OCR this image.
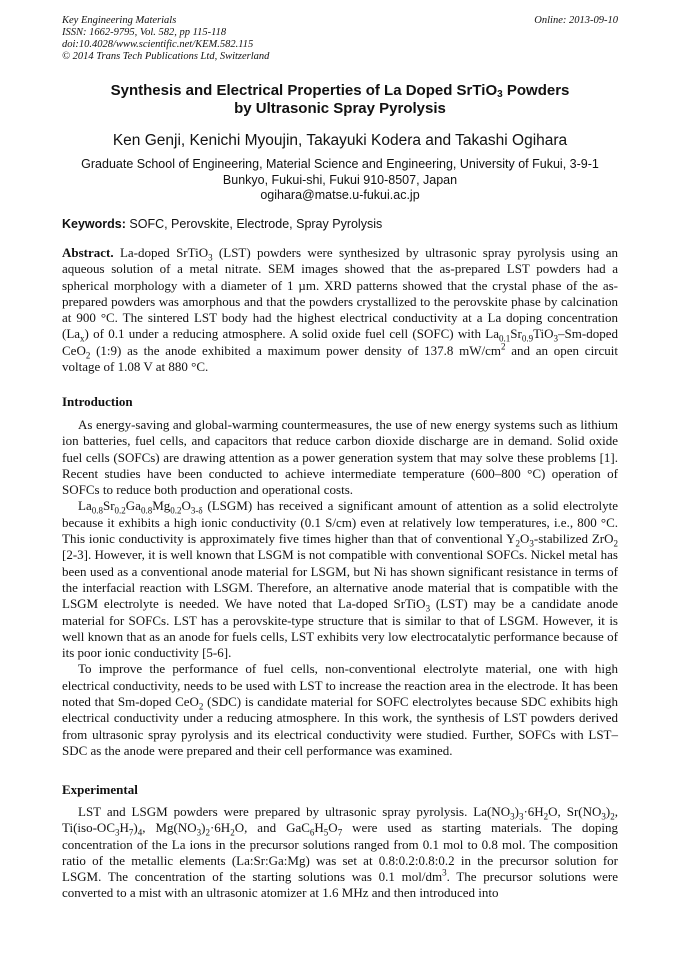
Key Engineering Materials
ISSN: 1662-9795, Vol. 582, pp 115-118
doi:10.4028/www.scientific.net/KEM.582.115
© 2014 Trans Tech Publications Ltd, Switzerland
Online: 2013-09-10
Synthesis and Electrical Properties of La Doped SrTiO$_3$ Powders
by Ultrasonic Spray Pyrolysis
Ken Genji, Kenichi Myoujin, Takayuki Kodera and Takashi Ogihara
Graduate School of Engineering, Material Science and Engineering, University of Fukui, 3-9-1
Bunkyo, Fukui-shi, Fukui 910-8507, Japan
ogihara@matse.u-fukui.ac.jp
Keywords: SOFC, Perovskite, Electrode, Spray Pyrolysis

Abstract. La-doped SrTiO$_3$ (LST) powders were synthesized by ultrasonic spray pyrolysis using an aqueous solution of a metal nitrate. SEM images showed that the as-prepared LST powders had a spherical morphology with a diameter of 1 µm. XRD patterns showed that the crystal phase of the as-prepared powders was amorphous and that the powders crystallized to the perovskite phase by calcination at 900 °C. The sintered LST body had the highest electrical conductivity at a La doping concentration $(La_x)$ of 0.1 under a reducing atmosphere. A solid oxide fuel cell (SOFC) with $La_{0.1}Sr_{0.9}TiO_3-Sm$-doped CeO$_2$ (1:9) as the anode exhibited a maximum power density of 137.8 $mW/cm^2$ and an open circuit voltage of 1.08 V at 880 °C.

Introduction

As energy-saving and global-warming countermeasures, the use of new energy systems such as lithium ion batteries, fuel cells, and capacitors that reduce carbon dioxide discharge are in demand. Solid oxide fuel cells (SOFCs) are drawing attention as a power generation system that may solve these problems [1]. Recent studies have been conducted to achieve intermediate temperature (600–800 °C) operation of SOFCs to reduce both production and operational costs.

$La_{0.8}Sr_{0.2}Ga_{0.8}Mg_{0.2}O_{3-\delta}$ (LSGM) has received a significant amount of attention as a solid electrolyte because it exhibits a high ionic conductivity (0.1 S/cm) even at relatively low temperatures, i.e., 800 °C. This ionic conductivity is approximately five times higher than that of conventional $Y_2O_3$-stabilized ZrO$_2$ [2-3]. However, it is well known that LSGM is not compatible with conventional SOFCs. Nickel metal has been used as a conventional anode material for LSGM, but Ni has shown significant resistance in terms of the interfacial reaction with LSGM. Therefore, an alternative anode material that is compatible with the LSGM electrolyte is needed. We have noted that La-doped SrTiO$_3$ (LST) may be a candidate anode material for SOFCs. LST has a perovskite-type structure that is similar to that of LSGM. However, it is well known that as an anode for fuels cells, LST exhibits very low electrocatalytic performance because of its poor ionic conductivity [5-6].

To improve the performance of fuel cells, non-conventional electrolyte material, one with high electrical conductivity, needs to be used with LST to increase the reaction area in the electrode. It has been noted that Sm-doped CeO$_2$ (SDC) is candidate material for SOFC electrolytes because SDC exhibits high electrical conductivity under a reducing atmosphere. In this work, the synthesis of LST powders derived from ultrasonic spray pyrolysis and its electrical conductivity were studied. Further, SOFCs with LST–SDC as the anode were prepared and their cell performance was examined.

Experimental

LST and LSGM powders were prepared by ultrasonic spray pyrolysis. $La(NO_3)_3\cdot 6H_2O$, $Sr(NO_3)_2$, $Ti(iso-OC_3H_7)_4$, $Mg(NO_3)_2\cdot 6H_2O$, and $GaC_6H_5O_7$ were used as starting materials. The doping concentration of the La ions in the precursor solutions ranged from 0.1 mol to 0.8 mol. The composition ratio of the metallic elements (La:Sr:Ga:Mg) was set at 0.8:0.2:0.8:0.2 in the precursor solution for LSGM. The concentration of the starting solutions was 0.1 mol/$dm^3$. The precursor solutions were converted to a mist with an ultrasonic atomizer at 1.6 MHz and then introduced into
